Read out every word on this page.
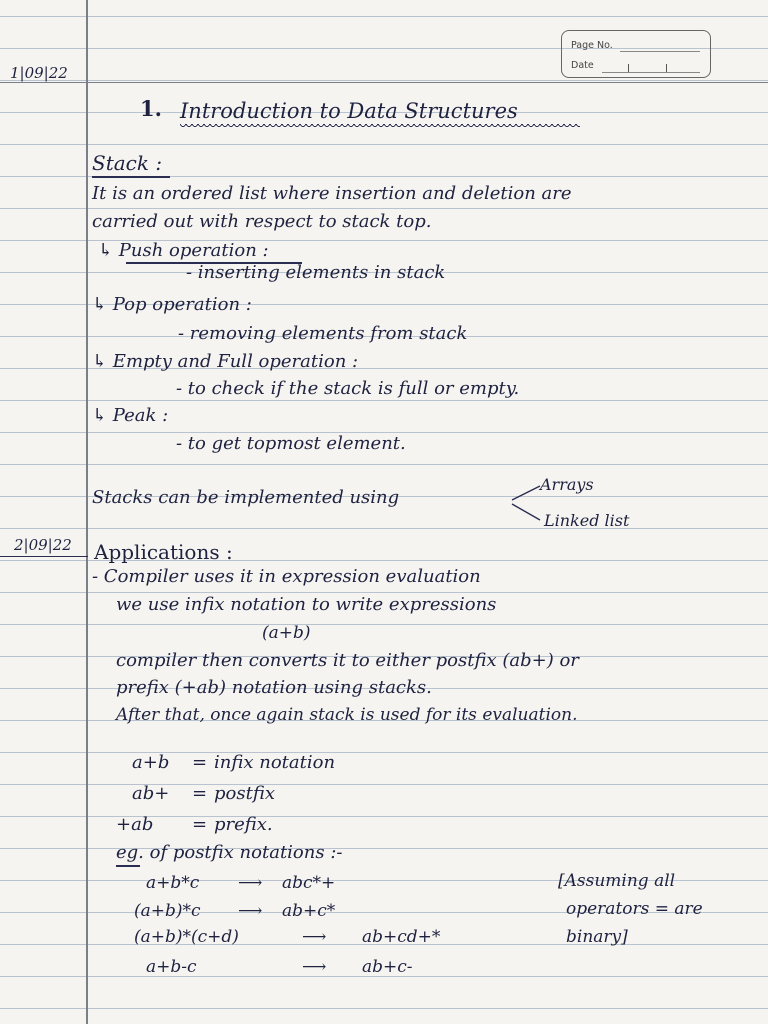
Page No.
Date
1|09|22
1. Introduction to Data Structures
Stack :
It is an ordered list where insertion and deletion are
carried out with respect to stack top.
↳ Push operation :
- inserting elements in stack
↳ Pop operation :
- removing elements from stack
↳ Empty and Full operation :
- to check if the stack is full or empty.
↳ Peak :
- to get topmost element.
Stacks can be implemented using
Arrays
Linked list
2|09|22 Applications :
- Compiler uses it in expression evaluation
we use infix notation to write expressions
(a+b)
compiler then converts it to either postfix (ab+) or
prefix (+ab) notation using stacks.
After that, once again stack is used for its evaluation.
a+b = infix notation
ab+ = postfix
+ab = prefix.
eg. of postfix notations :-
a+b*c ⟶ abc*+
(a+b)*c ⟶ ab+c*
(a+b)*(c+d)	⟶ ab+cd+*
a+b-c	⟶ ab+c-
[Assuming all
operators = are
binary]
